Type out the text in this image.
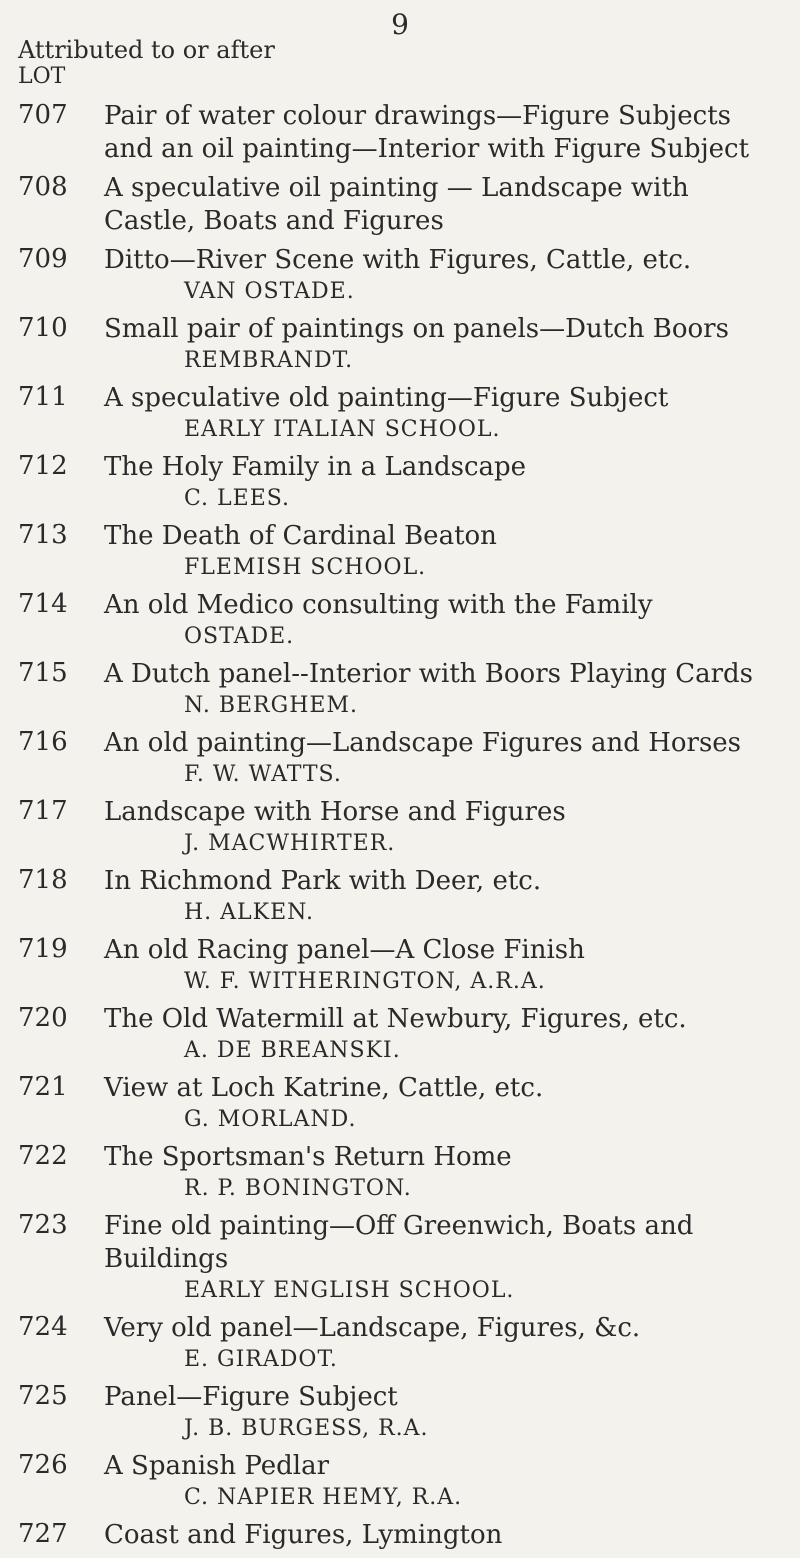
9
Attributed to or after
LOT
707	Pair of water colour drawings—Figure Subjects and an oil painting—Interior with Figure Subject
708	A speculative oil painting — Landscape with Castle, Boats and Figures
709	Ditto—River Scene with Figures, Cattle, etc.
VAN OSTADE.
710	Small pair of paintings on panels—Dutch Boors
REMBRANDT.
711	A speculative old painting—Figure Subject
EARLY ITALIAN SCHOOL.
712	The Holy Family in a Landscape
C. LEES.
713	The Death of Cardinal Beaton
FLEMISH SCHOOL.
714	An old Medico consulting with the Family
OSTADE.
715	A Dutch panel--Interior with Boors Playing Cards
N. BERGHEM.
716	An old painting—Landscape Figures and Horses
F. W. WATTS.
717	Landscape with Horse and Figures
J. MACWHIRTER.
718	In Richmond Park with Deer, etc.
H. ALKEN.
719	An old Racing panel—A Close Finish
W. F. WITHERINGTON, A.R.A.
720	The Old Watermill at Newbury, Figures, etc.
A. DE BREANSKI.
721	View at Loch Katrine, Cattle, etc.
G. MORLAND.
722	The Sportsman's Return Home
R. P. BONINGTON.
723	Fine old painting—Off Greenwich, Boats and Buildings
EARLY ENGLISH SCHOOL.
724	Very old panel—Landscape, Figures, &c.
E. GIRADOT.
725	Panel—Figure Subject
J. B. BURGESS, R.A.
726	A Spanish Pedlar
C. NAPIER HEMY, R.A.
727	Coast and Figures, Lymington
